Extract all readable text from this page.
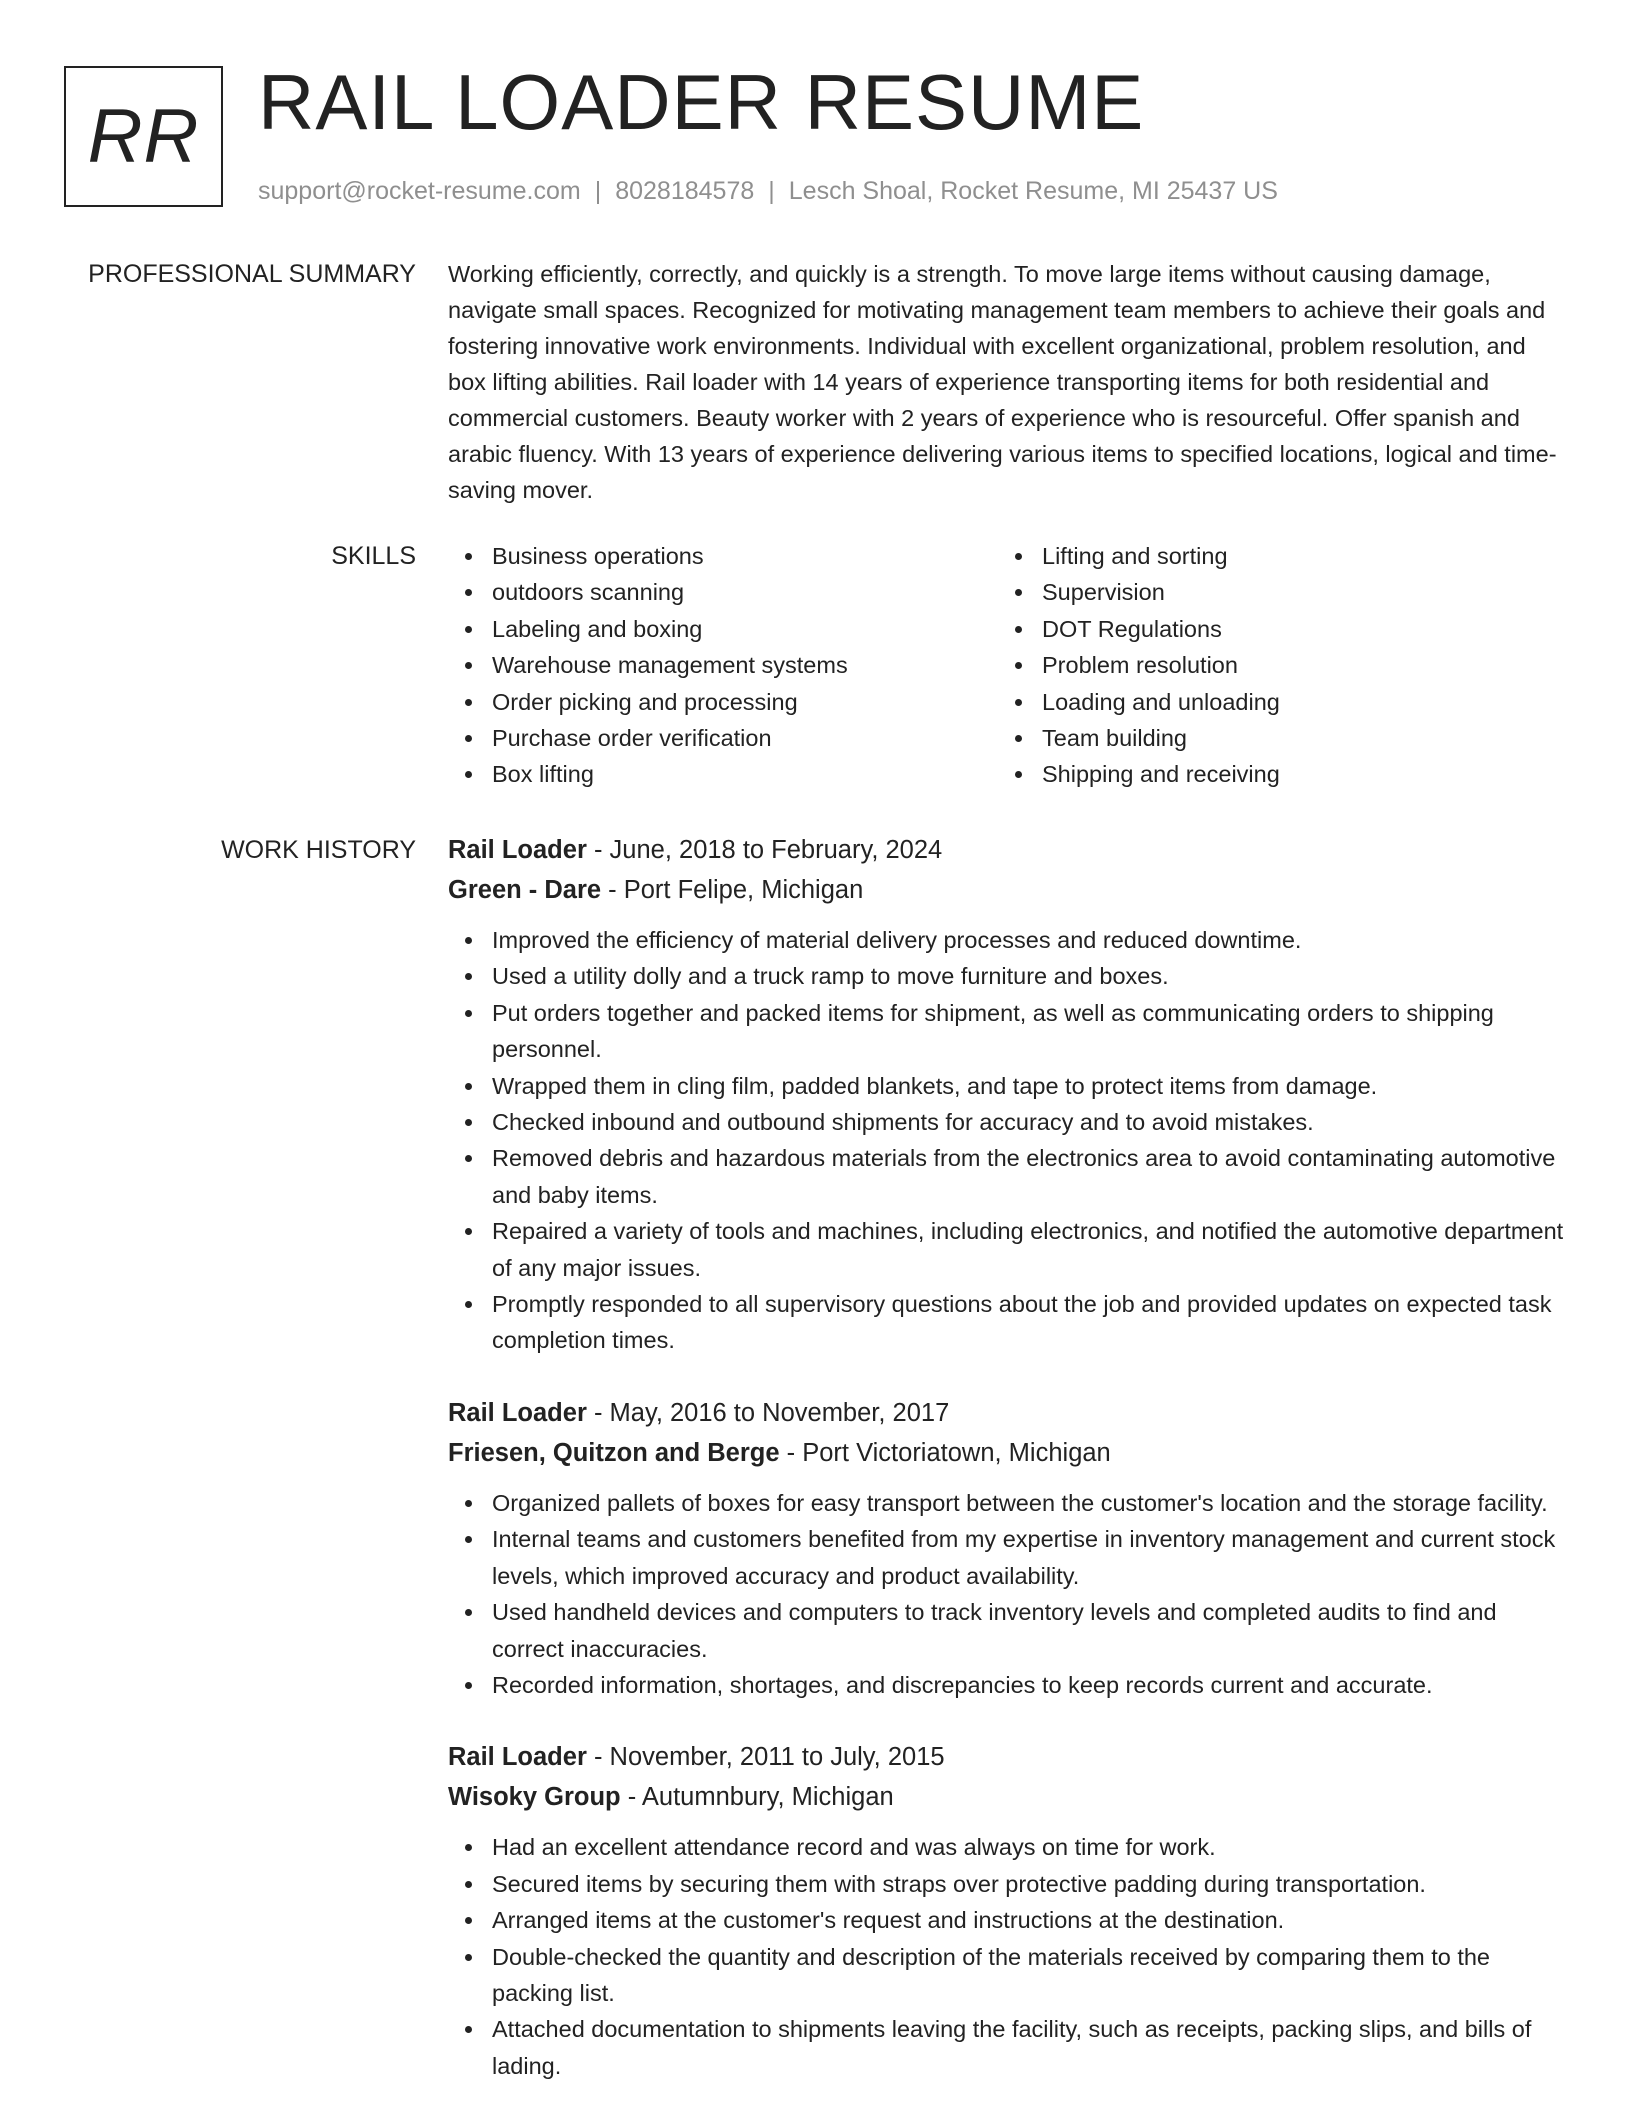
RR RAIL LOADER RESUME
support@rocket-resume.com | 8028184578 | Lesch Shoal, Rocket Resume, MI 25437 US
PROFESSIONAL SUMMARY Working efficiently, correctly, and quickly is a strength. To move large items without causing damage, navigate small spaces. Recognized for motivating management team members to achieve their goals and fostering innovative work environments. Individual with excellent organizational, problem resolution, and box lifting abilities. Rail loader with 14 years of experience transporting items for both residential and commercial customers. Beauty worker with 2 years of experience who is resourceful. Offer spanish and arabic fluency. With 13 years of experience delivering various items to specified locations, logical and time-saving mover.

SKILLS	Business operations
outdoors scanning
Labeling and boxing
Warehouse management systems
Order picking and processing
Purchase order verification
Box lifting
Lifting and sorting
Supervision
DOT Regulations
Problem resolution
Loading and unloading
Team building
Shipping and receiving
WORK HISTORY Rail Loader - June, 2018 to February, 2024
Green - Dare - Port Felipe, Michigan
Improved the efficiency of material delivery processes and reduced downtime.
Used a utility dolly and a truck ramp to move furniture and boxes.
Put orders together and packed items for shipment, as well as communicating orders to shipping personnel.
Wrapped them in cling film, padded blankets, and tape to protect items from damage.
Checked inbound and outbound shipments for accuracy and to avoid mistakes.
Removed debris and hazardous materials from the electronics area to avoid contaminating automotive and baby items.
Repaired a variety of tools and machines, including electronics, and notified the automotive department of any major issues.
Promptly responded to all supervisory questions about the job and provided updates on expected task completion times.
Rail Loader - May, 2016 to November, 2017
Friesen, Quitzon and Berge - Port Victoriatown, Michigan
Organized pallets of boxes for easy transport between the customer's location and the storage facility.
Internal teams and customers benefited from my expertise in inventory management and current stock levels, which improved accuracy and product availability.
Used handheld devices and computers to track inventory levels and completed audits to find and correct inaccuracies.
Recorded information, shortages, and discrepancies to keep records current and accurate.
Rail Loader - November, 2011 to July, 2015
Wisoky Group - Autumnbury, Michigan
Had an excellent attendance record and was always on time for work.
Secured items by securing them with straps over protective padding during transportation.
Arranged items at the customer's request and instructions at the destination.
Double-checked the quantity and description of the materials received by comparing them to the packing list.
Attached documentation to shipments leaving the facility, such as receipts, packing slips, and bills of lading.
